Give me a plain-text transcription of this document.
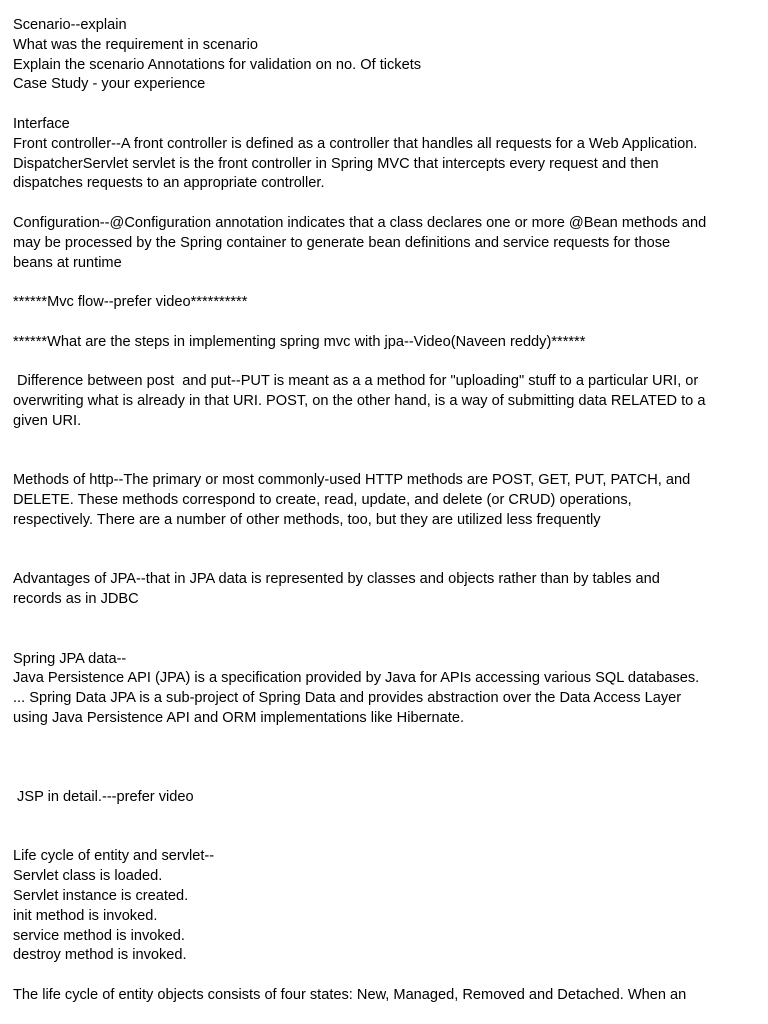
Scenario--explain
What was the requirement in scenario
Explain the scenario Annotations for validation on no. Of tickets
Case Study - your experience
Interface
Front controller--A front controller is defined as a controller that handles all requests for a Web Application.
DispatcherServlet servlet is the front controller in Spring MVC that intercepts every request and then
dispatches requests to an appropriate controller.
Configuration--@Configuration annotation indicates that a class declares one or more @Bean methods and
may be processed by the Spring container to generate bean definitions and service requests for those
beans at runtime
******Mvc flow--prefer video**********
******What are the steps in implementing spring mvc with jpa--Video(Naveen reddy)******
Difference between post  and put--PUT is meant as a a method for "uploading" stuff to a particular URI, or
overwriting what is already in that URI. POST, on the other hand, is a way of submitting data RELATED to a
given URI.
Methods of http--The primary or most commonly-used HTTP methods are POST, GET, PUT, PATCH, and
DELETE. These methods correspond to create, read, update, and delete (or CRUD) operations,
respectively. There are a number of other methods, too, but they are utilized less frequently
Advantages of JPA--that in JPA data is represented by classes and objects rather than by tables and
records as in JDBC
Spring JPA data--
Java Persistence API (JPA) is a specification provided by Java for APIs accessing various SQL databases.
... Spring Data JPA is a sub-project of Spring Data and provides abstraction over the Data Access Layer
using Java Persistence API and ORM implementations like Hibernate.
JSP in detail.---prefer video
Life cycle of entity and servlet--
Servlet class is loaded.
Servlet instance is created.
init method is invoked.
service method is invoked.
destroy method is invoked.
The life cycle of entity objects consists of four states: New, Managed, Removed and Detached. When an
